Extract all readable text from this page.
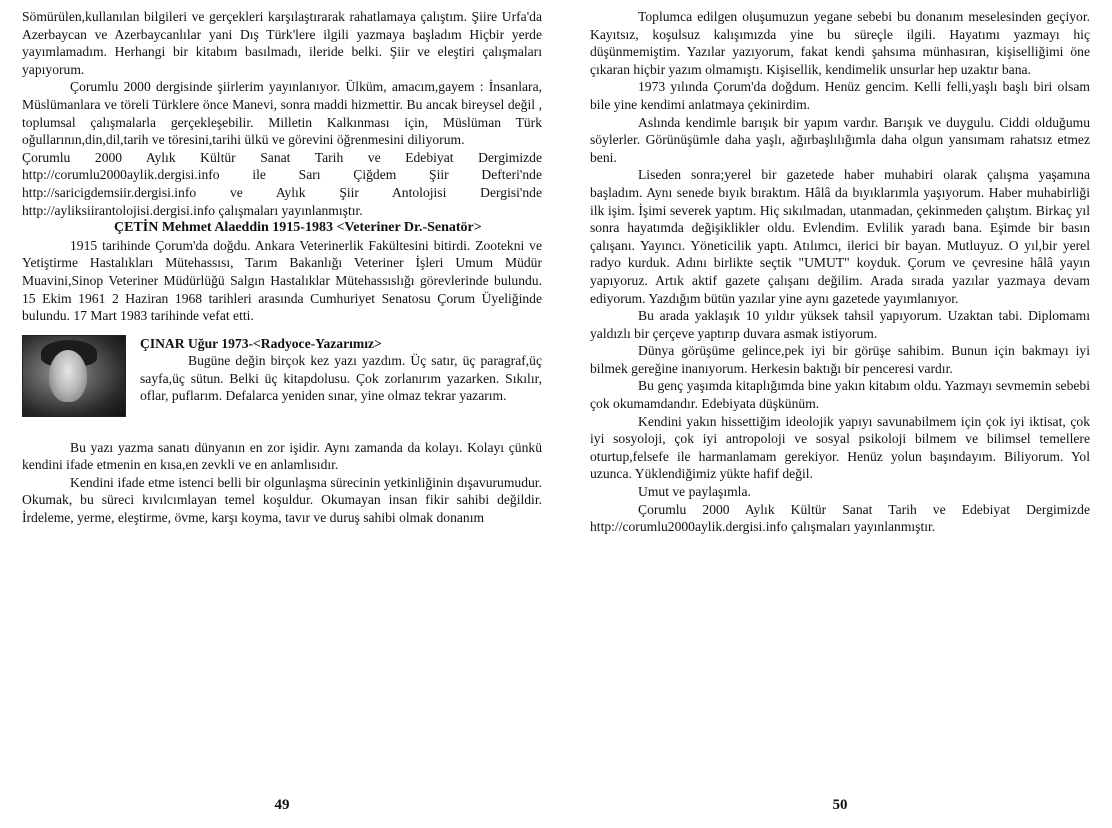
Sömürülen,kullanılan bilgileri ve gerçekleri karşılaştırarak rahatlamaya çalıştım. Şiire Urfa'da Azerbaycan ve Azerbaycanlılar yani Dış Türk'lere ilgili yazmaya başladım Hiçbir yerde yayımlamadım. Herhangi bir kitabım basılmadı, ileride belki. Şiir ve eleştiri çalışmaları yapıyorum.

Çorumlu 2000 dergisinde şiirlerim yayınlanıyor. Ülküm, amacım,gayem : İnsanlara, Müslümanlara ve töreli Türklere önce Manevi, sonra maddi hizmettir. Bu ancak bireysel değil , toplumsal çalışmalarla gerçekleşebilir. Milletin Kalkınması için, Müslüman Türk oğullarının,din,dil,tarih ve töresini,tarihi ülkü ve görevini öğrenmesini diliyorum.

Çorumlu 2000 Aylık Kültür Sanat Tarih ve Edebiyat Dergimizde http://corumlu2000aylik.dergisi.info ile Sarı Çiğdem Şiir Defteri'nde http://saricigdemsiir.dergisi.info ve Aylık Şiir Antolojisi Dergisi'nde http://ayliksiirantolojisi.dergisi.info çalışmaları yayınlanmıştır.

ÇETİN Mehmet Alaeddin 1915-1983 <Veteriner Dr.-Senatör>

1915 tarihinde Çorum'da doğdu. Ankara Veterinerlik Fakültesini bitirdi. Zootekni ve Yetiştirme Hastalıkları Mütehassısı, Tarım Bakanlığı Veteriner İşleri Umum Müdür Muavini,Sinop Veteriner Müdürlüğü Salgın Hastalıklar Mütehassıslığı görevlerinde bulundu. 15 Ekim 1961 2 Haziran 1968 tarihleri arasında Cumhuriyet Senatosu Çorum Üyeliğinde bulundu. 17 Mart 1983 tarihinde vefat etti.

ÇINAR Uğur 1973-<Radyoce-Yazarımız>

Bugüne değin birçok kez yazı yazdım. Üç satır, üç paragraf,üç sayfa,üç sütun. Belki üç kitapdolusu. Çok zorlanırım yazarken. Sıkılır, oflar, puflarım. Defalarca yeniden sınar, yine olmaz tekrar yazarım.

Bu yazı yazma sanatı dünyanın en zor işidir. Aynı zamanda da kolayı. Kolayı çünkü kendini ifade etmenin en kısa,en zevkli ve en anlamlısıdır.

Kendini ifade etme istenci belli bir olgunlaşma sürecinin yetkinliğinin dışavurumudur. Okumak, bu süreci kıvılcımlayan temel koşuldur. Okumayan insan fikir sahibi değildir. İrdeleme, yerme, eleştirme, övme, karşı koyma, tavır ve duruş sahibi olmak donanım

49

Toplumca edilgen oluşumuzun yegane sebebi bu donanım meselesinden geçiyor. Kayıtsız, koşulsuz kalışımızda yine bu süreçle ilgili. Hayatımı yazmayı hiç düşünmemiştim. Yazılar yazıyorum, fakat kendi şahsıma münhasıran, kişiselliğimi öne çıkaran hiçbir yazım olmamıştı. Kişisellik, kendimelik unsurlar hep uzaktır bana.

1973 yılında Çorum'da doğdum. Henüz gencim. Kelli felli,yaşlı başlı biri olsam bile yine kendimi anlatmaya çekinirdim.

Aslında kendimle barışık bir yapım vardır. Barışık ve duygulu. Ciddi olduğumu söylerler. Görünüşümle daha yaşlı, ağırbaşlılığımla daha olgun yansımam rahatsız etmez beni.

Liseden sonra;yerel bir gazetede haber muhabiri olarak çalışma yaşamına başladım. Aynı senede bıyık bıraktım. Hâlâ da bıyıklarımla yaşıyorum. Haber muhabirliği ilk işim. İşimi severek yaptım. Hiç sıkılmadan, utanmadan, çekinmeden çalıştım. Birkaç yıl sonra hayatımda değişiklikler oldu. Evlendim. Evlilik yaradı bana. Eşimde bir basın çalışanı. Yayıncı. Yöneticilik yaptı. Atılımcı, ilerici bir bayan. Mutluyuz. O yıl,bir yerel radyo kurduk. Adını birlikte seçtik "UMUT" koyduk. Çorum ve çevresine hâlâ yayın yapıyoruz. Artık aktif gazete çalışanı değilim. Arada sırada yazılar yazmaya devam ediyorum. Yazdığım bütün yazılar yine aynı gazetede yayımlanıyor.

Bu arada yaklaşık 10 yıldır yüksek tahsil yapıyorum. Uzaktan tabi. Diplomamı yaldızlı bir çerçeve yaptırıp duvara asmak istiyorum.

Dünya görüşüme gelince,pek iyi bir görüşe sahibim. Bunun için bakmayı iyi bilmek gereğine inanıyorum. Herkesin baktığı bir penceresi vardır.

Bu genç yaşımda kitaplığımda bine yakın kitabım oldu. Yazmayı sevmemin sebebi çok okumamdandır. Edebiyata düşkünüm.

Kendini yakın hissettiğim ideolojik yapıyı savunabilmem için çok iyi iktisat, çok iyi sosyoloji, çok iyi antropoloji ve sosyal psikoloji bilmem ve bilimsel temellere oturtup,felsefe ile harmanlamam gerekiyor. Henüz yolun başındayım. Biliyorum. Yol uzunca. Yüklendiğimiz yükte hafif değil.

Umut ve paylaşımla.

Çorumlu 2000 Aylık Kültür Sanat Tarih ve Edebiyat Dergimizde http://corumlu2000aylik.dergisi.info çalışmaları yayınlanmıştır.

50
